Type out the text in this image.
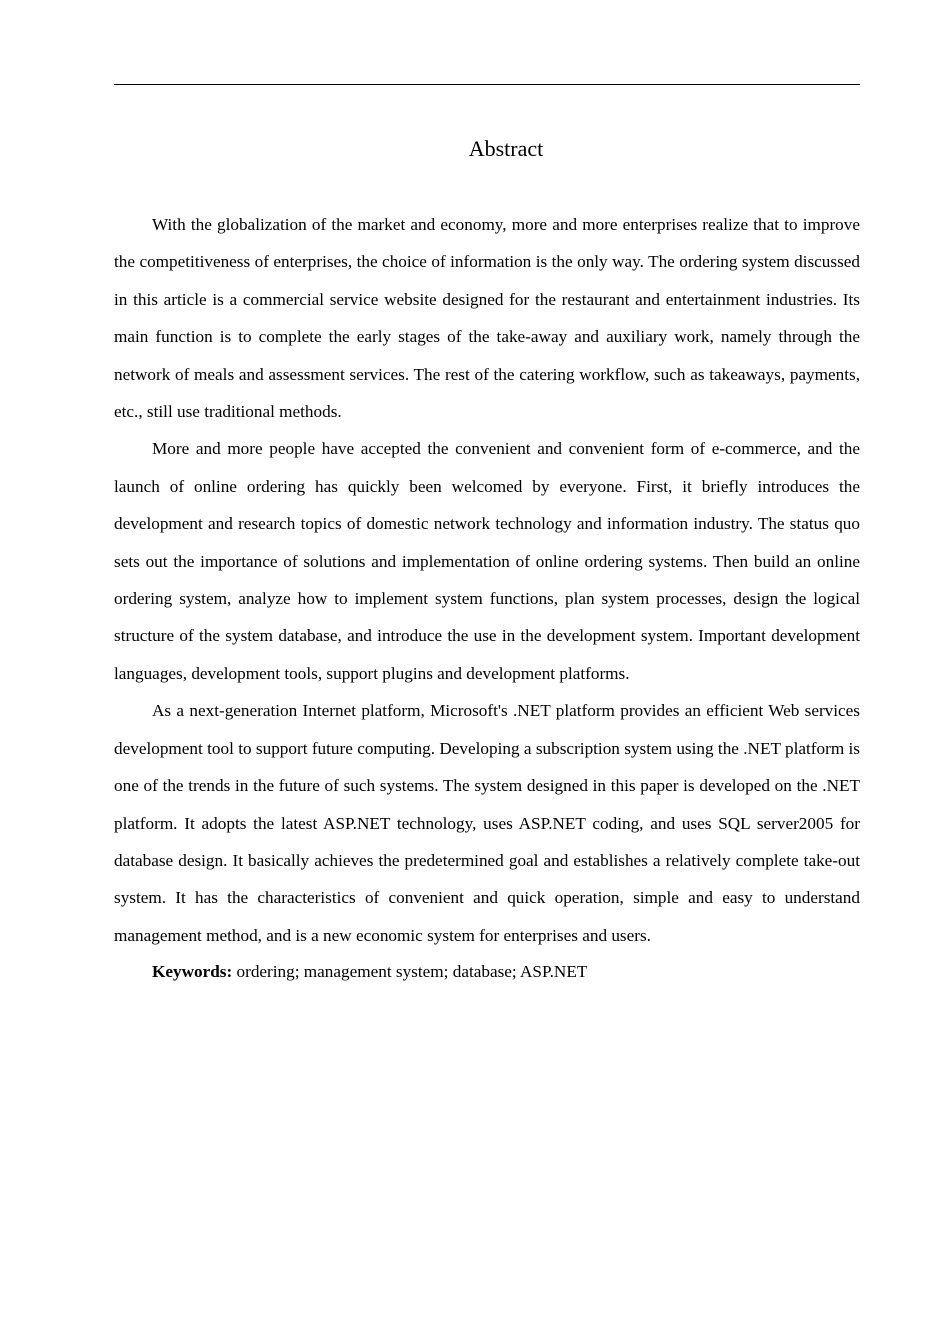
Abstract

With the globalization of the market and economy, more and more enterprises realize that to improve the competitiveness of enterprises, the choice of information is the only way. The ordering system discussed in this article is a commercial service website designed for the restaurant and entertainment industries. Its main function is to complete the early stages of the take-away and auxiliary work, namely through the network of meals and assessment services. The rest of the catering workflow, such as takeaways, payments, etc., still use traditional methods.

More and more people have accepted the convenient and convenient form of e-commerce, and the launch of online ordering has quickly been welcomed by everyone. First, it briefly introduces the development and research topics of domestic network technology and information industry. The status quo sets out the importance of solutions and implementation of online ordering systems. Then build an online ordering system, analyze how to implement system functions, plan system processes, design the logical structure of the system database, and introduce the use in the development system. Important development languages, development tools, support plugins and development platforms.

As a next-generation Internet platform, Microsoft's .NET platform provides an efficient Web services development tool to support future computing. Developing a subscription system using the .NET platform is one of the trends in the future of such systems. The system designed in this paper is developed on the .NET platform. It adopts the latest ASP.NET technology, uses ASP.NET coding, and uses SQL server2005 for database design. It basically achieves the predetermined goal and establishes a relatively complete take-out system. It has the characteristics of convenient and quick operation, simple and easy to understand management method, and is a new economic system for enterprises and users.

Keywords: ordering; management system; database; ASP.NET
